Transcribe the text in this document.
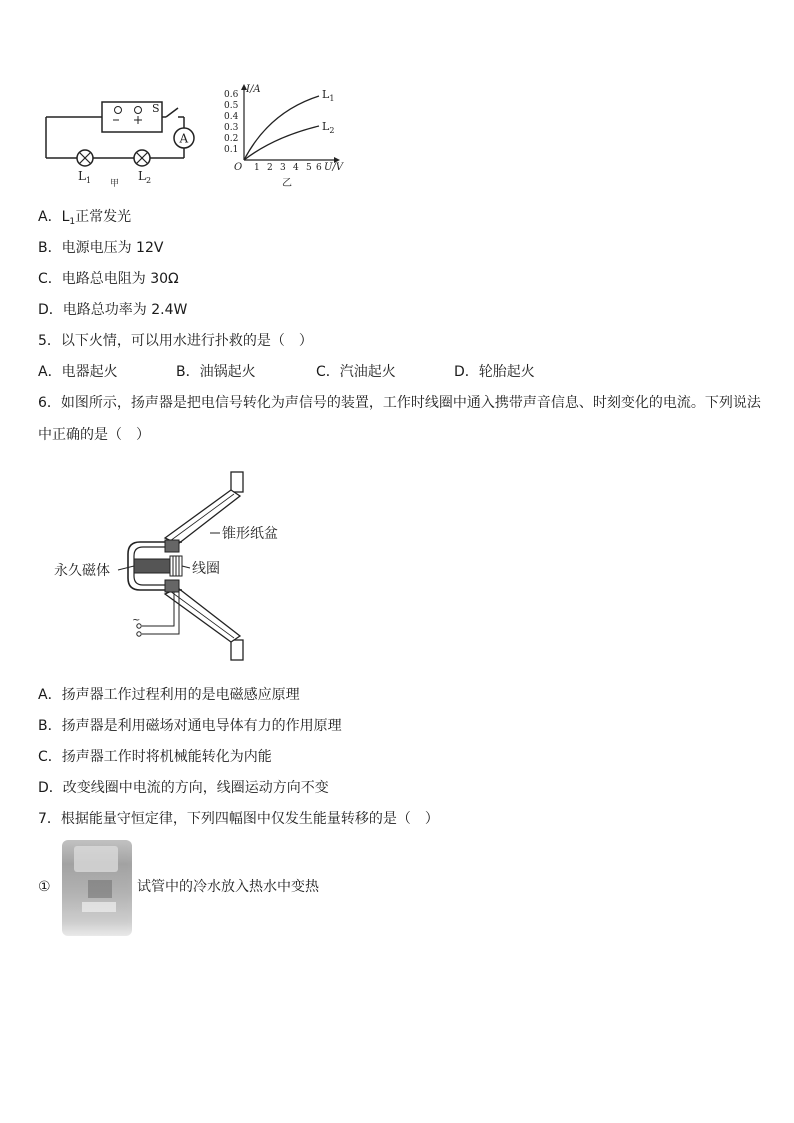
A
S
$L_1$	$L_2$
甲
I/A
U/V
O
0.1
0.2
0.3
0.4
0.5
0.6
1 2 3 4 5 6
$L_1$
$L_2$
乙
A．$L_1$正常发光
B．电源电压为 12V
C．电路总电阻为 30Ω
D．电路总功率为 2.4W
5．以下火情，可以用水进行扑救的是（　）
A．电器起火	B．油锅起火	C．汽油起火	D．轮胎起火
6．如图所示，扬声器是把电信号转化为声信号的装置，工作时线圈中通入携带声音信息、时刻变化的电流。下列说法
中正确的是（　）
~
锥形纸盆
永久磁体	线圈
A．扬声器工作过程利用的是电磁感应原理
B．扬声器是利用磁场对通电导体有力的作用原理
C．扬声器工作时将机械能转化为内能
D．改变线圈中电流的方向，线圈运动方向不变
7．根据能量守恒定律，下列四幅图中仅发生能量转移的是（　）
①	试管中的冷水放入热水中变热
